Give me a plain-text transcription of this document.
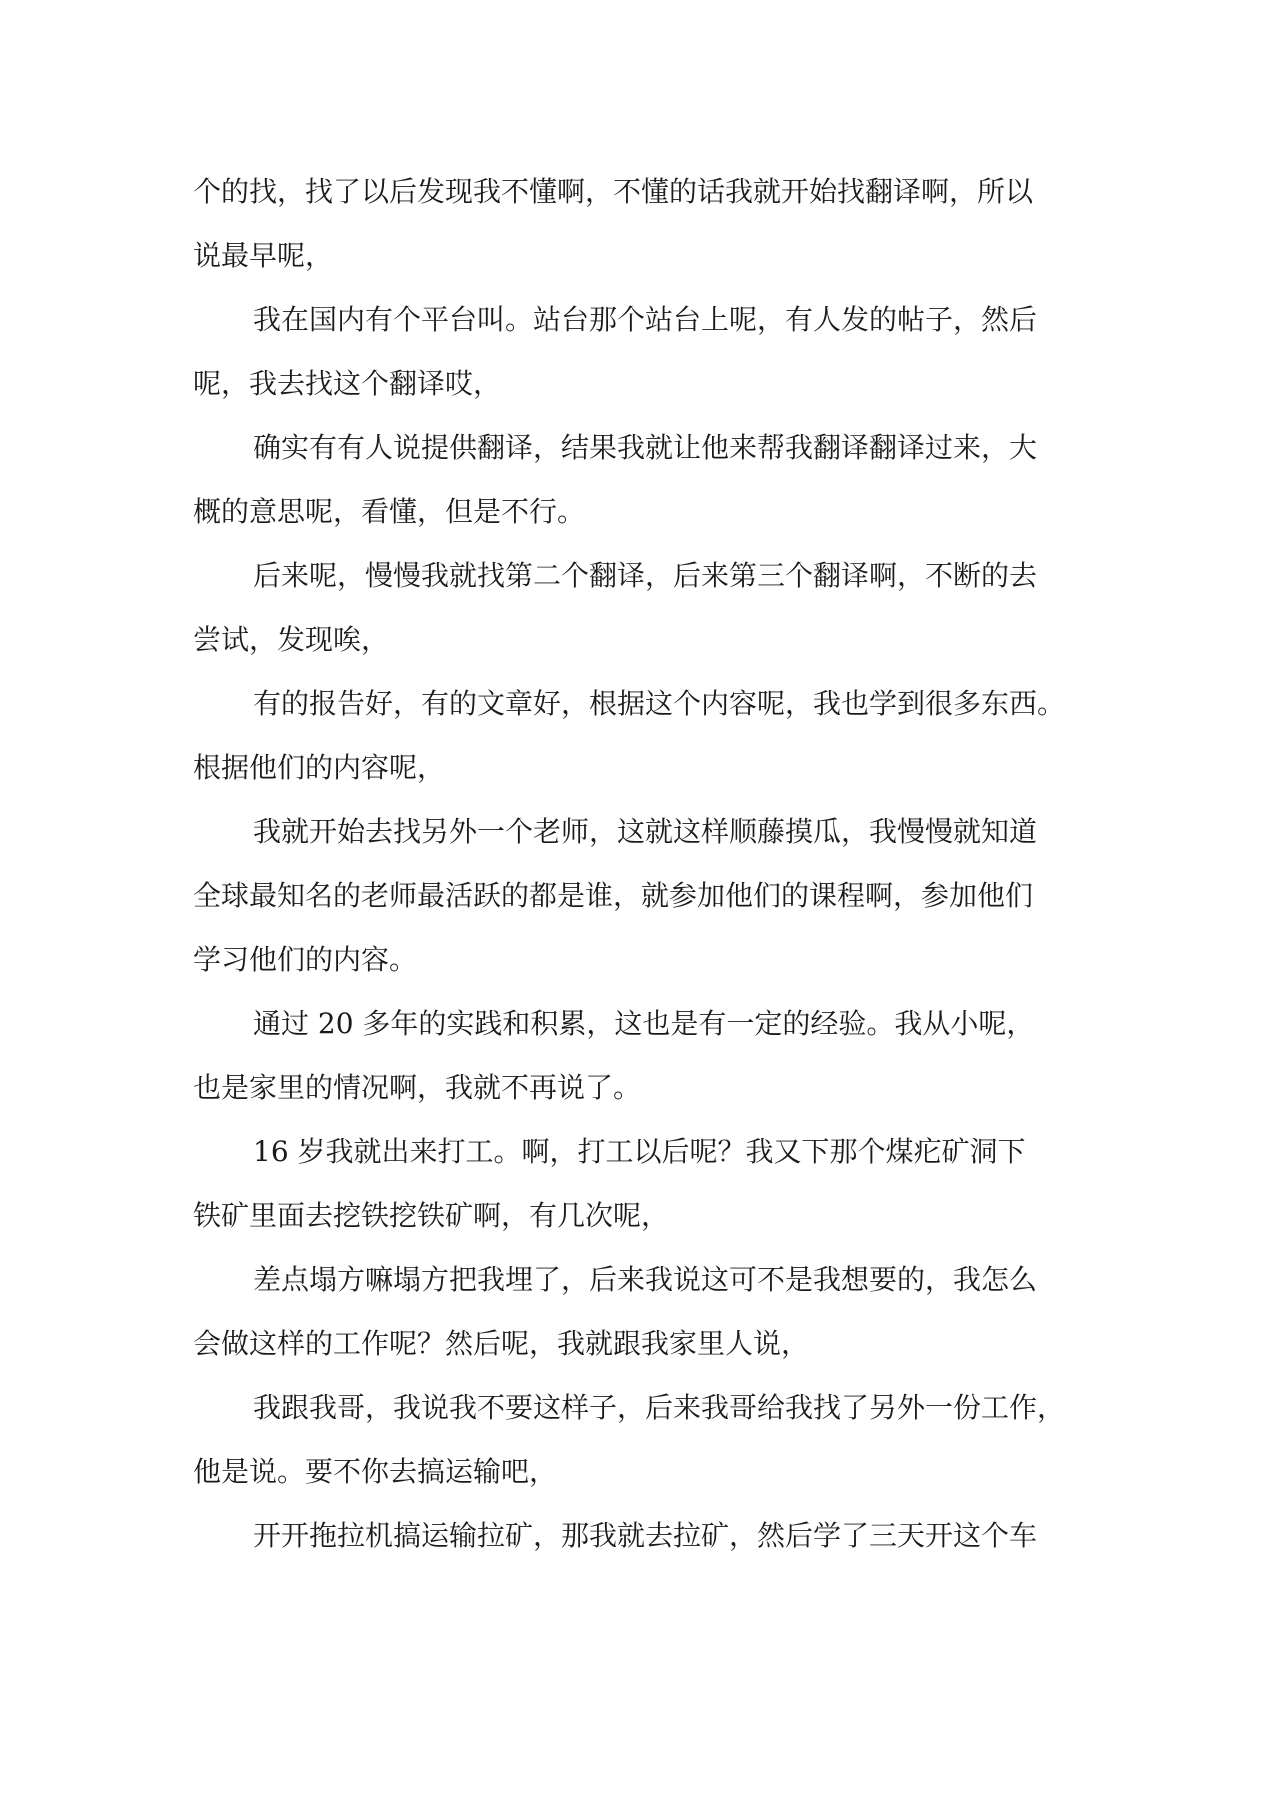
个的找，找了以后发现我不懂啊，不懂的话我就开始找翻译啊，所以
说最早呢，
我在国内有个平台叫。站台那个站台上呢，有人发的帖子，然后
呢，我去找这个翻译哎，
确实有有人说提供翻译，结果我就让他来帮我翻译翻译过来，大
概的意思呢，看懂，但是不行。
后来呢，慢慢我就找第二个翻译，后来第三个翻译啊，不断的去
尝试，发现唉，
有的报告好，有的文章好，根据这个内容呢，我也学到很多东西。
根据他们的内容呢，
我就开始去找另外一个老师，这就这样顺藤摸瓜，我慢慢就知道
全球最知名的老师最活跃的都是谁，就参加他们的课程啊，参加他们
学习他们的内容。
通过 20 多年的实践和积累，这也是有一定的经验。我从小呢，
也是家里的情况啊，我就不再说了。
16 岁我就出来打工。啊，打工以后呢？我又下那个煤疕矿洞下
铁矿里面去挖铁挖铁矿啊，有几次呢，
差点塌方嘛塌方把我埋了，后来我说这可不是我想要的，我怎么
会做这样的工作呢？然后呢，我就跟我家里人说，
我跟我哥，我说我不要这样子，后来我哥给我找了另外一份工作，
他是说。要不你去搞运输吧，
开开拖拉机搞运输拉矿，那我就去拉矿，然后学了三天开这个车
